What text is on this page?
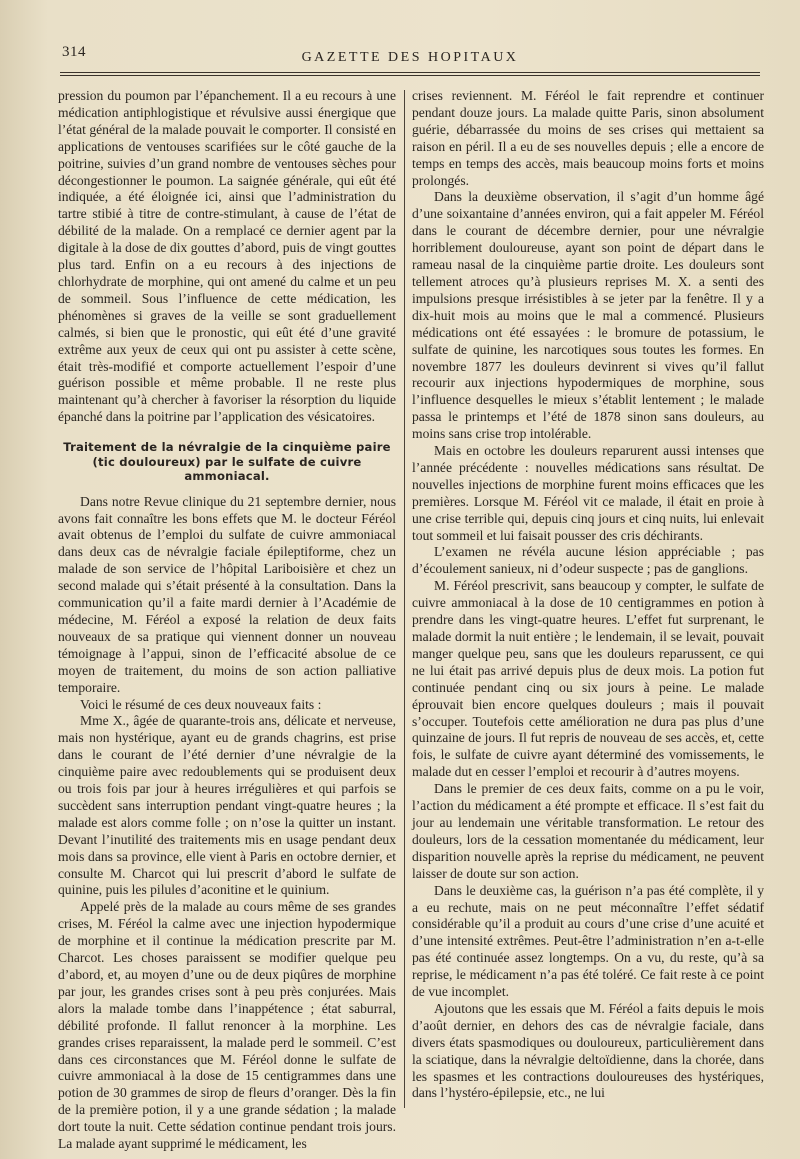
314	GAZETTE DES HOPITAUX

pression du poumon par l’épanchement. Il a eu recours à une médication antiphlogistique et révulsive aussi énergique que l’état général de la malade pouvait le comporter. Il consisté en applications de ventouses scarifiées sur le côté gauche de la poitrine, suivies d’un grand nombre de ventouses sèches pour décongestionner le poumon. La saignée générale, qui eût été indiquée, a été éloignée ici, ainsi que l’administration du tartre stibié à titre de contre-stimulant, à cause de l’état de débilité de la malade. On a remplacé ce dernier agent par la digitale à la dose de dix gouttes d’abord, puis de vingt gouttes plus tard. Enfin on a eu recours à des injections de chlorhydrate de morphine, qui ont amené du calme et un peu de sommeil. Sous l’influence de cette médication, les phénomènes si graves de la veille se sont graduellement calmés, si bien que le pronostic, qui eût été d’une gravité extrême aux yeux de ceux qui ont pu assister à cette scène, était très-modifié et comporte actuellement l’espoir d’une guérison possible et même probable. Il ne reste plus maintenant qu’à chercher à favoriser la résorption du liquide épanché dans la poitrine par l’application des vésicatoires.

Traitement de la névralgie de la cinquième paire (tic douloureux) par le sulfate de cuivre ammoniacal.

Dans notre Revue clinique du 21 septembre dernier, nous avons fait connaître les bons effets que M. le docteur Féréol avait obtenus de l’emploi du sulfate de cuivre ammoniacal dans deux cas de névralgie faciale épileptiforme, chez un malade de son service de l’hôpital Lariboisière et chez un second malade qui s’était présenté à la consultation. Dans la communication qu’il a faite mardi dernier à l’Académie de médecine, M. Féréol a exposé la relation de deux faits nouveaux de sa pratique qui viennent donner un nouveau témoignage à l’appui, sinon de l’efficacité absolue de ce moyen de traitement, du moins de son action palliative temporaire.

Voici le résumé de ces deux nouveaux faits :

Mme X., âgée de quarante-trois ans, délicate et nerveuse, mais non hystérique, ayant eu de grands chagrins, est prise dans le courant de l’été dernier d’une névralgie de la cinquième paire avec redoublements qui se produisent deux ou trois fois par jour à heures irrégulières et qui parfois se succèdent sans interruption pendant vingt-quatre heures ; la malade est alors comme folle ; on n’ose la quitter un instant. Devant l’inutilité des traitements mis en usage pendant deux mois dans sa province, elle vient à Paris en octobre dernier, et consulte M. Charcot qui lui prescrit d’abord le sulfate de quinine, puis les pilules d’aconitine et le quinium.

Appelé près de la malade au cours même de ses grandes crises, M. Féréol la calme avec une injection hypodermique de morphine et il continue la médication prescrite par M. Charcot. Les choses paraissent se modifier quelque peu d’abord, et, au moyen d’une ou de deux piqûres de morphine par jour, les grandes crises sont à peu près conjurées. Mais alors la malade tombe dans l’inappétence ; état saburral, débilité profonde. Il fallut renoncer à la morphine. Les grandes crises reparaissent, la malade perd le sommeil. C’est dans ces circonstances que M. Féréol donne le sulfate de cuivre ammoniacal à la dose de 15 centigrammes dans une potion de 30 grammes de sirop de fleurs d’oranger. Dès la fin de la première potion, il y a une grande sédation ; la malade dort toute la nuit. Cette sédation continue pendant trois jours. La malade ayant supprimé le médicament, les

crises reviennent. M. Féréol le fait reprendre et continuer pendant douze jours. La malade quitte Paris, sinon absolument guérie, débarrassée du moins de ses crises qui mettaient sa raison en péril. Il a eu de ses nouvelles depuis ; elle a encore de temps en temps des accès, mais beaucoup moins forts et moins prolongés.

Dans la deuxième observation, il s’agit d’un homme âgé d’une soixantaine d’années environ, qui a fait appeler M. Féréol dans le courant de décembre dernier, pour une névralgie horriblement douloureuse, ayant son point de départ dans le rameau nasal de la cinquième partie droite. Les douleurs sont tellement atroces qu’à plusieurs reprises M. X. a senti des impulsions presque irrésistibles à se jeter par la fenêtre. Il y a dix-huit mois au moins que le mal a commencé. Plusieurs médications ont été essayées : le bromure de potassium, le sulfate de quinine, les narcotiques sous toutes les formes. En novembre 1877 les douleurs devinrent si vives qu’il fallut recourir aux injections hypodermiques de morphine, sous l’influence desquelles le mieux s’établit lentement ; le malade passa le printemps et l’été de 1878 sinon sans douleurs, au moins sans crise trop intolérable.

Mais en octobre les douleurs reparurent aussi intenses que l’année précédente : nouvelles médications sans résultat. De nouvelles injections de morphine furent moins efficaces que les premières. Lorsque M. Féréol vit ce malade, il était en proie à une crise terrible qui, depuis cinq jours et cinq nuits, lui enlevait tout sommeil et lui faisait pousser des cris déchirants.

L’examen ne révéla aucune lésion appréciable ; pas d’écoulement sanieux, ni d’odeur suspecte ; pas de ganglions.

M. Féréol prescrivit, sans beaucoup y compter, le sulfate de cuivre ammoniacal à la dose de 10 centigrammes en potion à prendre dans les vingt-quatre heures. L’effet fut surprenant, le malade dormit la nuit entière ; le lendemain, il se levait, pouvait manger quelque peu, sans que les douleurs reparussent, ce qui ne lui était pas arrivé depuis plus de deux mois. La potion fut continuée pendant cinq ou six jours à peine. Le malade éprouvait bien encore quelques douleurs ; mais il pouvait s’occuper. Toutefois cette amélioration ne dura pas plus d’une quinzaine de jours. Il fut repris de nouveau de ses accès, et, cette fois, le sulfate de cuivre ayant déterminé des vomissements, le malade dut en cesser l’emploi et recourir à d’autres moyens.

Dans le premier de ces deux faits, comme on a pu le voir, l’action du médicament a été prompte et efficace. Il s’est fait du jour au lendemain une véritable transformation. Le retour des douleurs, lors de la cessation momentanée du médicament, leur disparition nouvelle après la reprise du médicament, ne peuvent laisser de doute sur son action.

Dans le deuxième cas, la guérison n’a pas été complète, il y a eu rechute, mais on ne peut méconnaître l’effet sédatif considérable qu’il a produit au cours d’une crise d’une acuité et d’une intensité extrêmes. Peut-être l’administration n’en a-t-elle pas été continuée assez longtemps. On a vu, du reste, qu’à sa reprise, le médicament n’a pas été toléré. Ce fait reste à ce point de vue incomplet.

Ajoutons que les essais que M. Féréol a faits depuis le mois d’août dernier, en dehors des cas de névralgie faciale, dans divers états spasmodiques ou douloureux, particulièrement dans la sciatique, dans la névralgie deltoïdienne, dans la chorée, dans les spasmes et les contractions douloureuses des hystériques, dans l’hystéro-épilepsie, etc., ne lui
